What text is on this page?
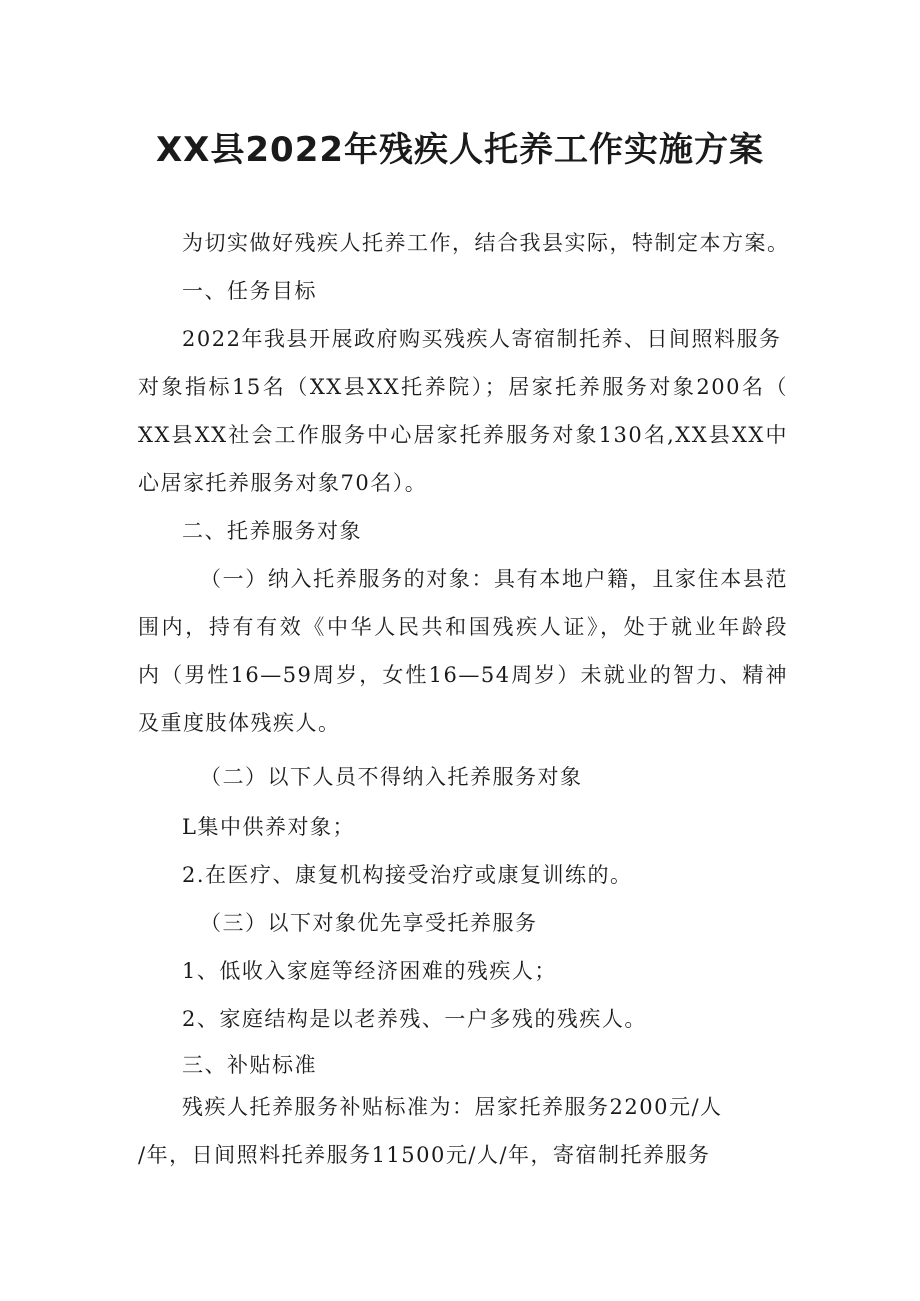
XX县2022年残疾人托养工作实施方案

为切实做好残疾人托养工作，结合我县实际，特制定本方案。

一、任务目标

2022年我县开展政府购买残疾人寄宿制托养、日间照料服务

对象指标15名（XX县XX托养院）；居家托养服务对象200名（

XX县XX社会工作服务中心居家托养服务对象130名,XX县XX中

心居家托养服务对象70名）。

二、托养服务对象

（一）纳入托养服务的对象：具有本地户籍，且家住本县范

围内，持有有效《中华人民共和国残疾人证》，处于就业年龄段

内（男性16—59周岁，女性16—54周岁）未就业的智力、精神

及重度肢体残疾人。

（二）以下人员不得纳入托养服务对象

L集中供养对象；

2.在医疗、康复机构接受治疗或康复训练的。

（三）以下对象优先享受托养服务

1、低收入家庭等经济困难的残疾人；

2、家庭结构是以老养残、一户多残的残疾人。

三、补贴标准

残疾人托养服务补贴标准为：居家托养服务2200元/人

/年，日间照料托养服务11500元/人/年，寄宿制托养服务
